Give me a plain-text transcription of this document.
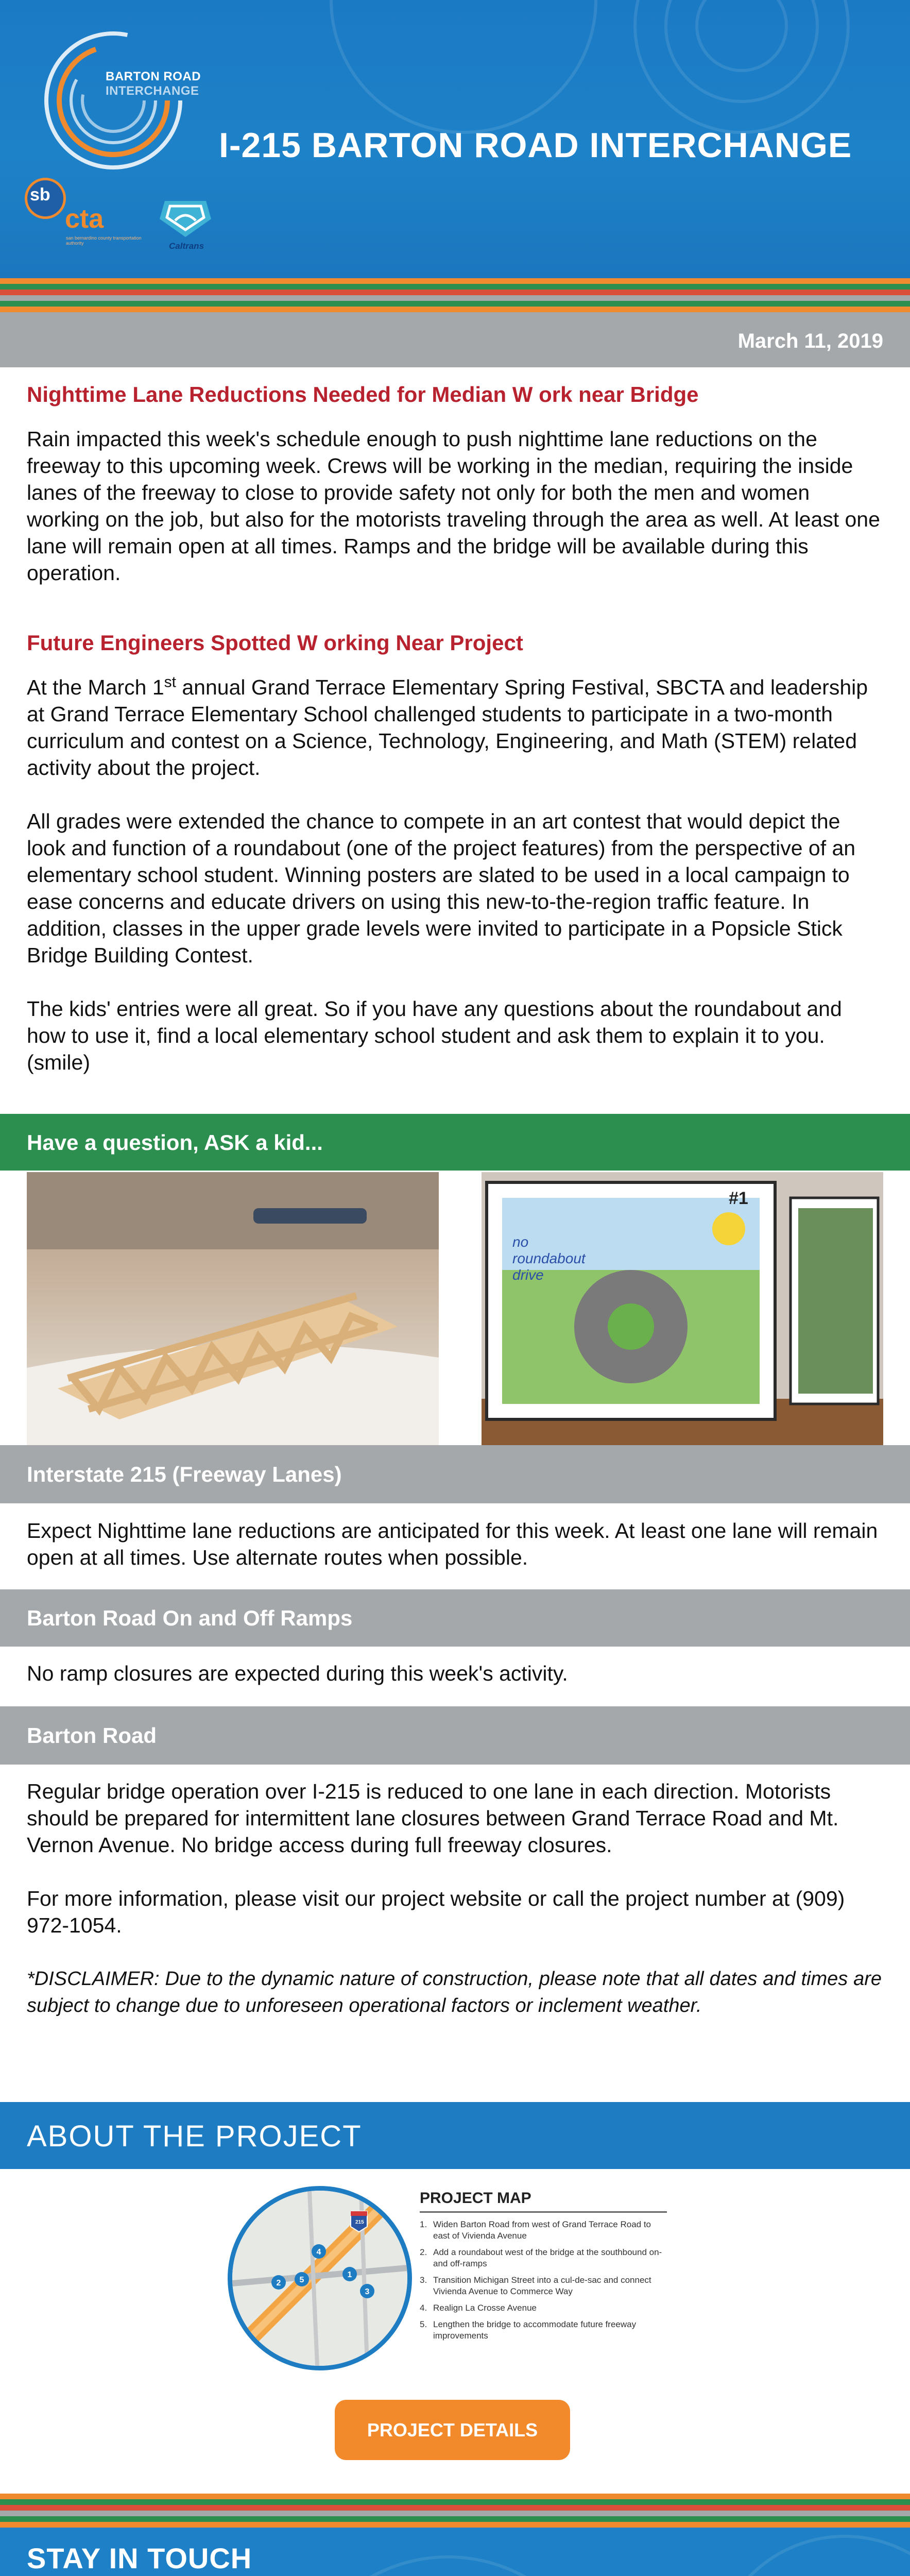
BARTON ROAD
INTERCHANGE
I-215 BARTON ROAD INTERCHANGE
sb
cta
san bernardino county transportation authority	Caltrans
March 11, 2019
Nighttime Lane Reductions Needed for Median W ork near Bridge

Rain impacted this week's schedule enough to push nighttime lane reductions on the freeway to this upcoming week. Crews will be working in the median, requiring the inside lanes of the freeway to close to provide safety not only for both the men and women working on the job, but also for the motorists traveling through the area as well. At least one lane will remain open at all times. Ramps and the bridge will be available during this operation.

Future Engineers Spotted W orking Near Project

At the March 1st annual Grand Terrace Elementary Spring Festival, SBCTA and leadership at Grand Terrace Elementary School challenged students to participate in a two-month curriculum and contest on a Science, Technology, Engineering, and Math (STEM) related activity about the project.

All grades were extended the chance to compete in an art contest that would depict the look and function of a roundabout (one of the project features) from the perspective of an elementary school student. Winning posters are slated to be used in a local campaign to ease concerns and educate drivers on using this new-to-the-region traffic feature. In addition, classes in the upper grade levels were invited to participate in a Popsicle Stick Bridge Building Contest.

The kids' entries were all great. So if you have any questions about the roundabout and how to use it, find a local elementary school student and ask them to explain it to you. (smile)

Have a question, ASK a kid...
#1
no roundabout drive
Interstate 215 (Freeway Lanes)

Expect Nighttime lane reductions are anticipated for this week. At least one lane will remain open at all times. Use alternate routes when possible.

Barton Road On and Off Ramps

No ramp closures are expected during this week's activity.

Barton Road

Regular bridge operation over I-215 is reduced to one lane in each direction. Motorists should be prepared for intermittent lane closures between Grand Terrace Road and Mt. Vernon Avenue. No bridge access during full freeway closures.

For more information, please visit our project website or call the project number at (909) 972-1054.

*DISCLAIMER: Due to the dynamic nature of construction, please note that all dates and times are subject to change due to unforeseen operational factors or inclement weather.

ABOUT THE PROJECT
2 5
4
1
3
215
PROJECT MAP
1. Widen Barton Road from west of Grand Terrace Road to east of Vivienda Avenue
2. Add a roundabout west of the bridge at the southbound on- and off-ramps
3. Transition Michigan Street into a cul-de-sac and connect Vivienda Avenue to Commerce Way
4. Realign La Crosse Avenue
5. Lengthen the bridge to accommodate future freeway improvements
PROJECT DETAILS
STAY IN TOUCH
